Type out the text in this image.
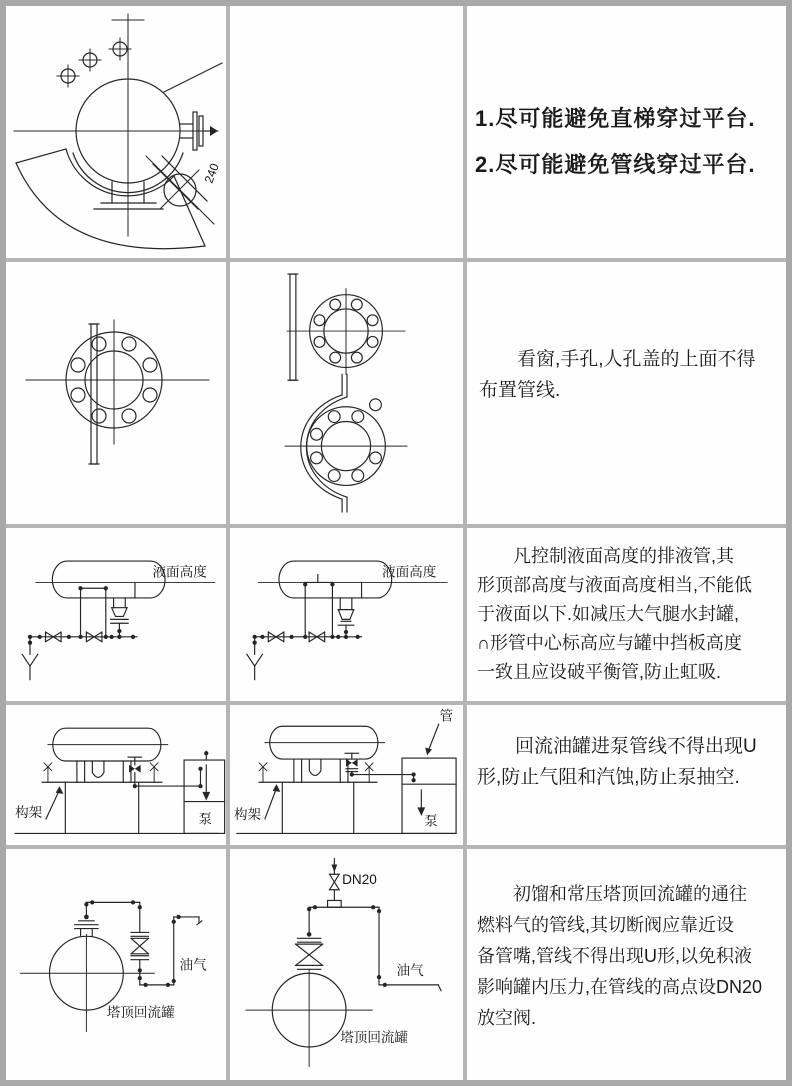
240
1.尽可能避免直梯穿过平台.
2.尽可能避免管线穿过平台.
　　看窗,手孔,人孔盖的上面不得
布置管线.
液面高度	液面高度
　　凡控制液面高度的排液管,其
形顶部高度与液面高度相当,不能低
于液面以下.如减压大气腿水封罐,
∩形管中心标高应与罐中挡板高度
一致且应设破平衡管,防止虹吸.
泵
构架
泵
管
构架
　　回流油罐进泵管线不得出现U
形,防止气阻和汽蚀,防止泵抽空.
油气
塔顶回流罐
DN20
油气
塔顶回流罐
　　初馏和常压塔顶回流罐的通往
燃料气的管线,其切断阀应靠近设
备管嘴,管线不得出现U形,以免积液
影响罐内压力,在管线的高点设DN20
放空阀.
